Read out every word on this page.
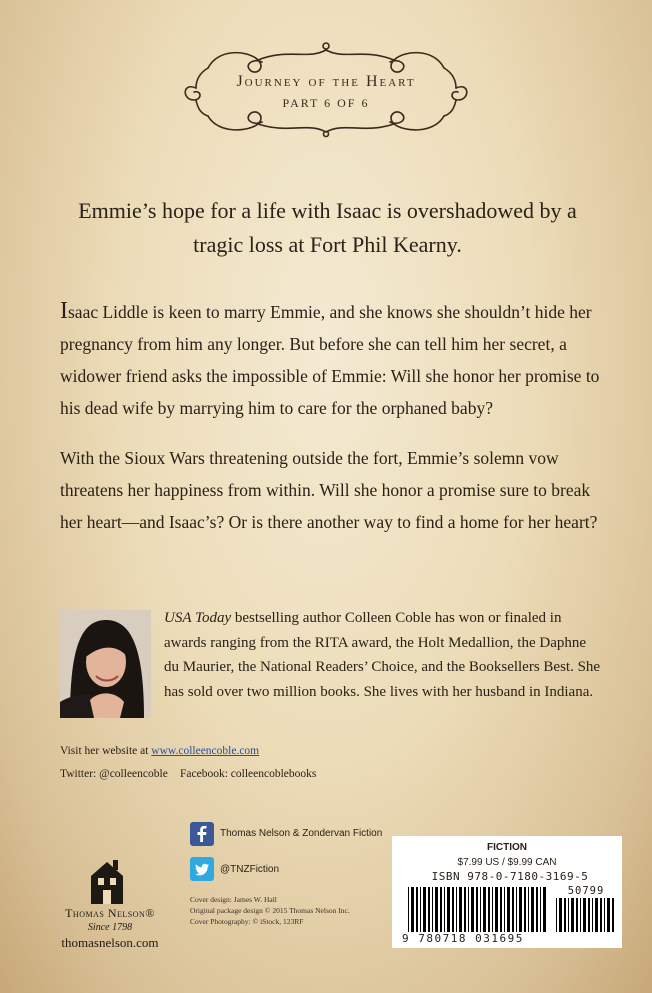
Journey of the Heart
PART 6 OF 6
Emmie’s hope for a life with Isaac is overshadowed by a tragic loss at Fort Phil Kearny.
Isaac Liddle is keen to marry Emmie, and she knows she shouldn’t hide her pregnancy from him any longer. But before she can tell him her secret, a widower friend asks the impossible of Emmie: Will she honor her promise to his dead wife by marrying him to care for the orphaned baby?
With the Sioux Wars threatening outside the fort, Emmie’s solemn vow threatens her happiness from within. Will she honor a promise sure to break her heart—and Isaac’s? Or is there another way to find a home for her heart?
USA Today bestselling author Colleen Coble has won or finaled in awards ranging from the RITA award, the Holt Medallion, the Daphne du Maurier, the National Readers’ Choice, and the Booksellers Best. She has sold over two million books. She lives with her husband in Indiana.
Visit her website at www.colleencoble.com
Twitter: @colleencoble Facebook: colleencoblebooks
Thomas Nelson & Zondervan Fiction
@TNZFiction
Cover design: James W. Hall
Original package design © 2015 Thomas Nelson Inc.
Cover Photography: © iStock, 123RF
Thomas Nelson®
Since 1798
thomasnelson.com
FICTION
$7.99 US / $9.99 CAN
ISBN 978-0-7180-3169-5
50799
9 780718 031695
